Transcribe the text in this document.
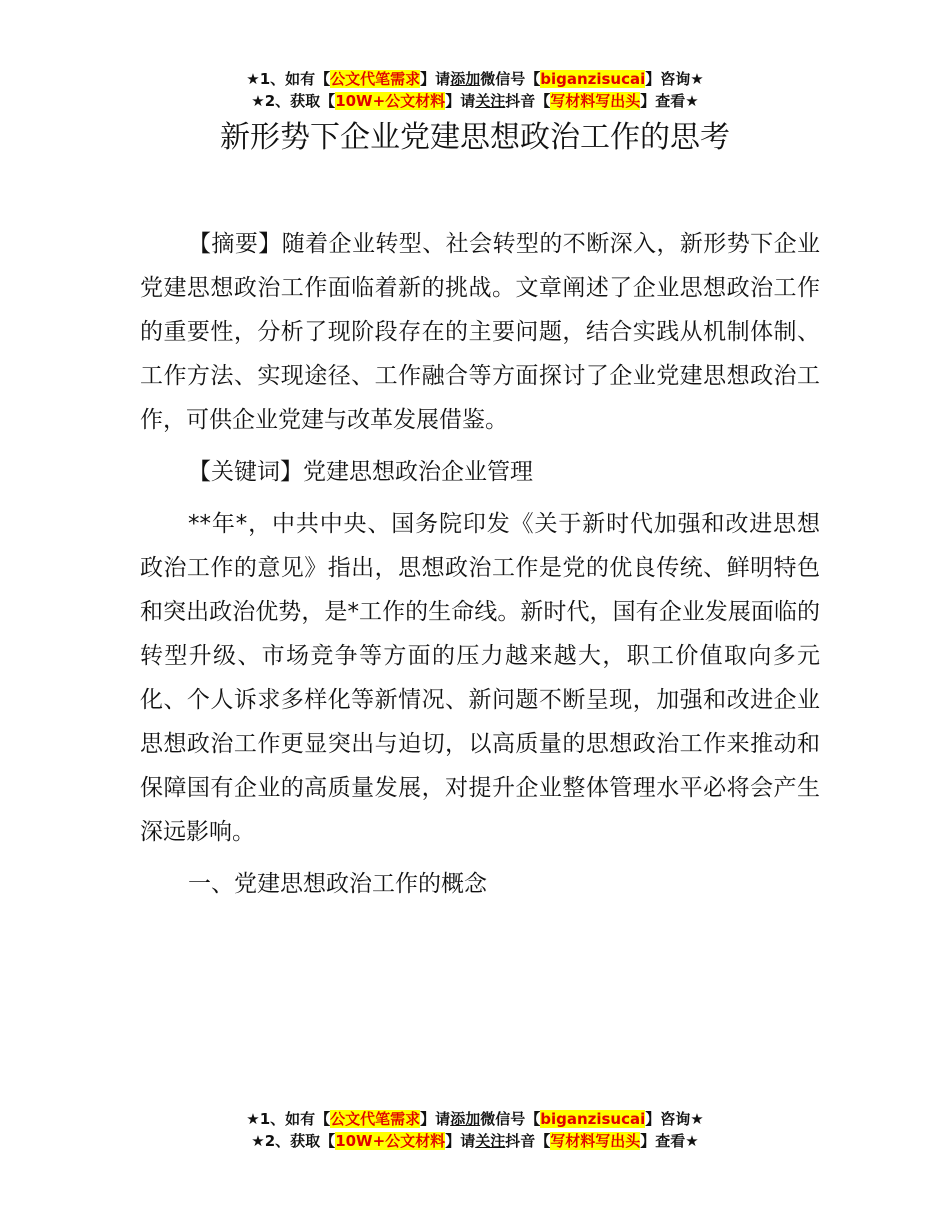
★1、如有【公文代笔需求】请添加微信号【biganzisucai】咨询★
★2、获取【10W+公文材料】请关注抖音【写材料写出头】查看★
新形势下企业党建思想政治工作的思考

【摘要】随着企业转型、社会转型的不断深入，新形势下企业党建思想政治工作面临着新的挑战。文章阐述了企业思想政治工作的重要性，分析了现阶段存在的主要问题，结合实践从机制体制、工作方法、实现途径、工作融合等方面探讨了企业党建思想政治工作，可供企业党建与改革发展借鉴。

【关键词】党建思想政治企业管理

**年*，中共中央、国务院印发《关于新时代加强和改进思想政治工作的意见》指出，思想政治工作是党的优良传统、鲜明特色和突出政治优势，是*工作的生命线。新时代，国有企业发展面临的转型升级、市场竞争等方面的压力越来越大，职工价值取向多元化、个人诉求多样化等新情况、新问题不断呈现，加强和改进企业思想政治工作更显突出与迫切，以高质量的思想政治工作来推动和保障国有企业的高质量发展，对提升企业整体管理水平必将会产生深远影响。

一、党建思想政治工作的概念

★1、如有【公文代笔需求】请添加微信号【biganzisucai】咨询★
★2、获取【10W+公文材料】请关注抖音【写材料写出头】查看★
